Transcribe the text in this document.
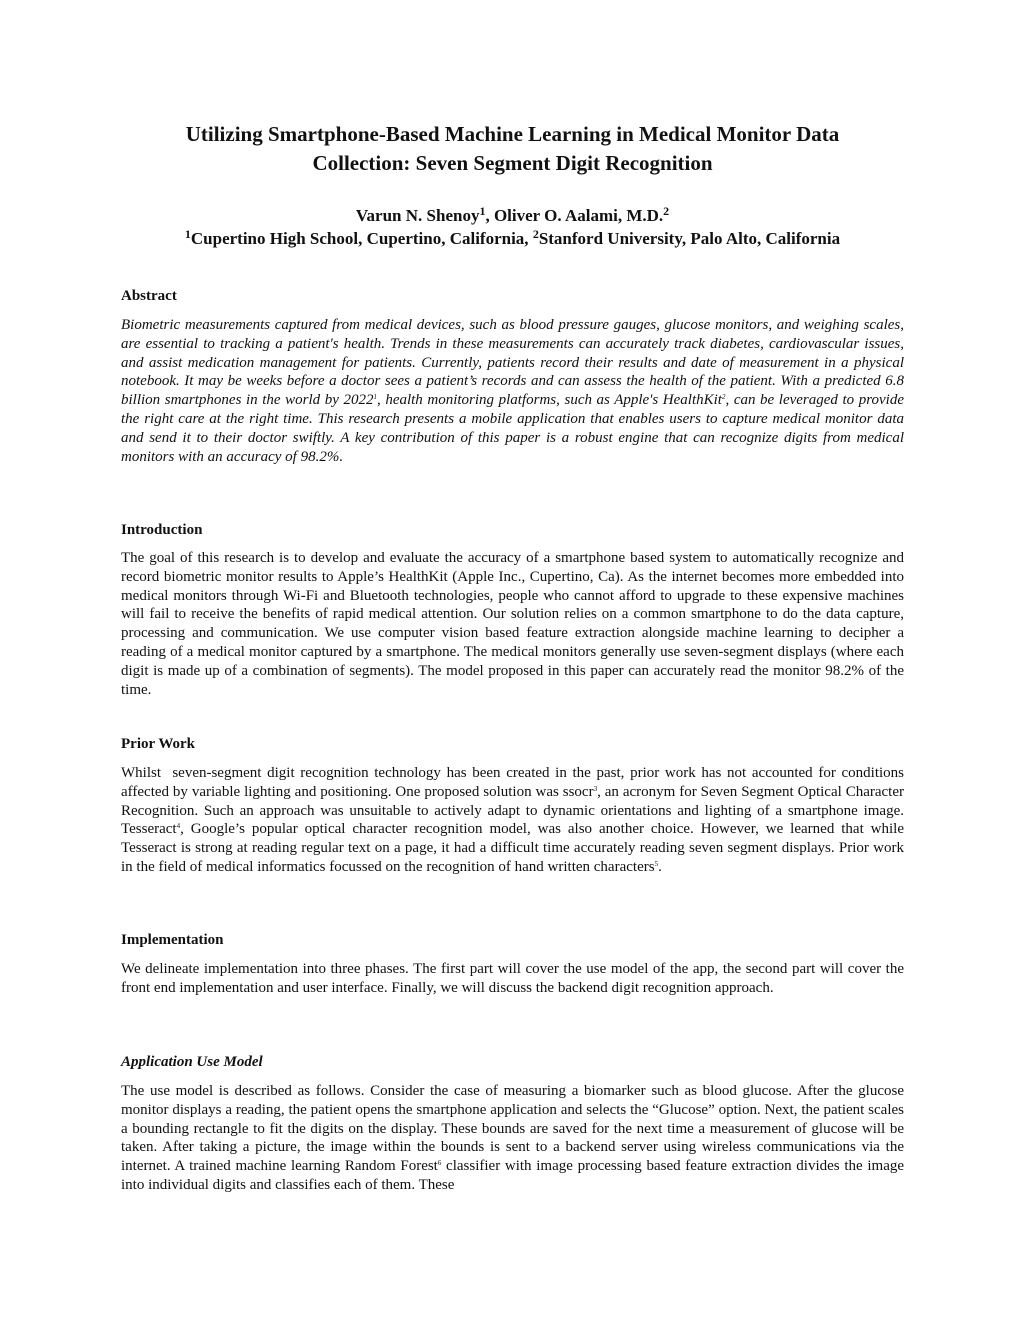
Utilizing Smartphone-Based Machine Learning in Medical Monitor Data
Collection: Seven Segment Digit Recognition
Varun N. Shenoy$^1$, Oliver O. Aalami, M.D.$^2$
$^1$Cupertino High School, Cupertino, California, $^2$Stanford University, Palo Alto, California
Abstract
Biometric measurements captured from medical devices, such as blood pressure gauges, glucose monitors, and weighing scales, are essential to tracking a patient's health. Trends in these measurements can accurately track diabetes, cardiovascular issues, and assist medication management for patients. Currently, patients record their results and date of measurement in a physical notebook. It may be weeks before a doctor sees a patient’s records and can assess the health of the patient. With a predicted 6.8 billion smartphones in the world by 2022$^1$, health monitoring platforms, such as Apple's HealthKit$^2$, can be leveraged to provide the right care at the right time. This research presents a mobile application that enables users to capture medical monitor data and send it to their doctor swiftly. A key contribution of this paper is a robust engine that can recognize digits from medical monitors with an accuracy of 98.2%.
Introduction
The goal of this research is to develop and evaluate the accuracy of a smartphone based system to automatically recognize and record biometric monitor results to Apple’s HealthKit (Apple Inc., Cupertino, Ca). As the internet becomes more embedded into medical monitors through Wi-Fi and Bluetooth technologies, people who cannot afford to upgrade to these expensive machines will fail to receive the benefits of rapid medical attention. Our solution relies on a common smartphone to do the data capture, processing and communication. We use computer vision based feature extraction alongside machine learning to decipher a reading of a medical monitor captured by a smartphone. The medical monitors generally use seven-segment displays (where each digit is made up of a combination of segments). The model proposed in this paper can accurately read the monitor 98.2% of the time.
Prior Work
Whilst  seven-segment digit recognition technology has been created in the past, prior work has not accounted for conditions affected by variable lighting and positioning. One proposed solution was ssocr$^3$, an acronym for Seven Segment Optical Character Recognition. Such an approach was unsuitable to actively adapt to dynamic orientations and lighting of a smartphone image. Tesseract$^4$, Google’s popular optical character recognition model, was also another choice. However, we learned that while Tesseract is strong at reading regular text on a page, it had a difficult time accurately reading seven segment displays. Prior work in the field of medical informatics focussed on the recognition of hand written characters$^5$.
Implementation
We delineate implementation into three phases. The first part will cover the use model of the app, the second part will cover the front end implementation and user interface. Finally, we will discuss the backend digit recognition approach.
Application Use Model
The use model is described as follows. Consider the case of measuring a biomarker such as blood glucose. After the glucose monitor displays a reading, the patient opens the smartphone application and selects the “Glucose” option. Next, the patient scales a bounding rectangle to fit the digits on the display. These bounds are saved for the next time a measurement of glucose will be taken. After taking a picture, the image within the bounds is sent to a backend server using wireless communications via the internet. A trained machine learning Random Forest$^6$ classifier with image processing based feature extraction divides the image into individual digits and classifies each of them. These
